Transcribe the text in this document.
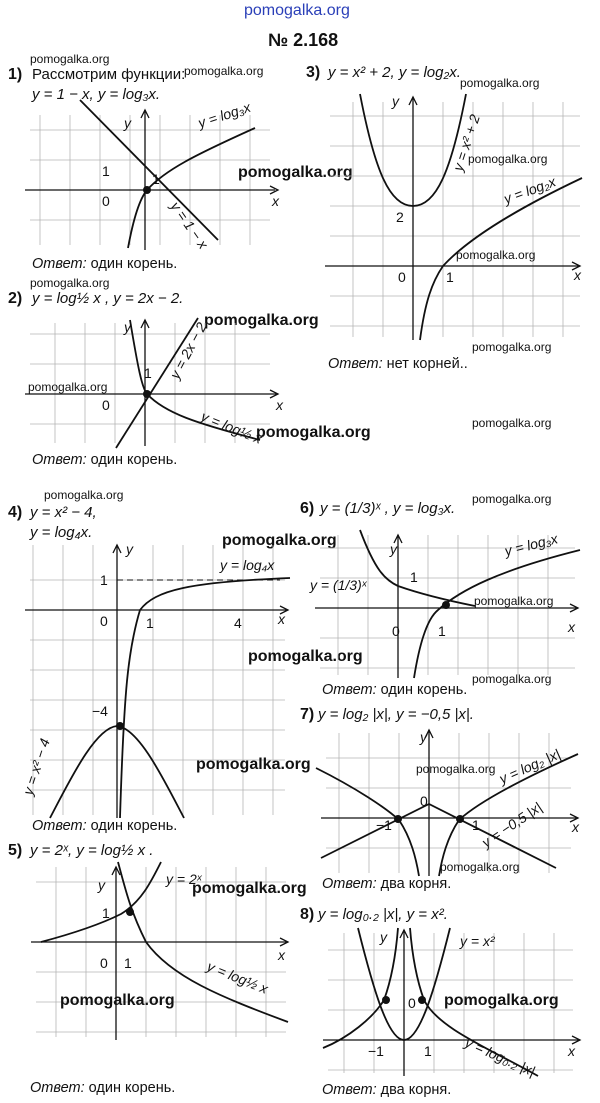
pomogalka.org
№ 2.168
pomogalka.org
1) Рассмотрим функции:
pomogalka.org
y = 1 − x, y = log₃x.
x
y
0
1	1
y = log₃x
y = 1 − x
pomogalka.org
Ответ: один корень.
3) y = x² + 2, y = log₂x.
pomogalka.org
x
y
0
2
1
y = x² + 2
y = log₂x
pomogalka.org
pomogalka.org
pomogalka.org
Ответ: нет корней..
pomogalka.org
2) y = log½ x , y = 2x − 2.
pomogalka.org
x
y
0
1 y = 2x − 2
y = log½ x
pomogalka.org
pomogalka.org
pomogalka.org
Ответ: один корень.
pomogalka.org
4) y = x² − 4,
y = log₄x.	pomogalka.org
x
y
0
1
1	4
−4
y = log₄x
y = x² − 4
pomogalka.org
pomogalka.org
Ответ: один корень.
pomogalka.org
6) y = (1/3)ˣ , y = log₃x.
x
y
0
1
1
y = log₃x
y = (1/3)ˣ
pomogalka.org
Ответ: один корень.
pomogalka.org
7) y = log₂ |x|, y = −0,5 |x|.
x
y
0
−1	1
y = log₂ |x|
y = −0,5 |x|
pomogalka.org
pomogalka.org
Ответ: два корня.
5) y = 2ˣ, y = log½ x .
x
y
0
1
1
y = 2ˣ
y = log½ x
pomogalka.org
pomogalka.org
Ответ: один корень.
8) y = log₀.₂ |x|, y = x².
x
y
0
−1	1
y = x²
y = log₀.₂ |x|
pomogalka.org
Ответ: два корня.
